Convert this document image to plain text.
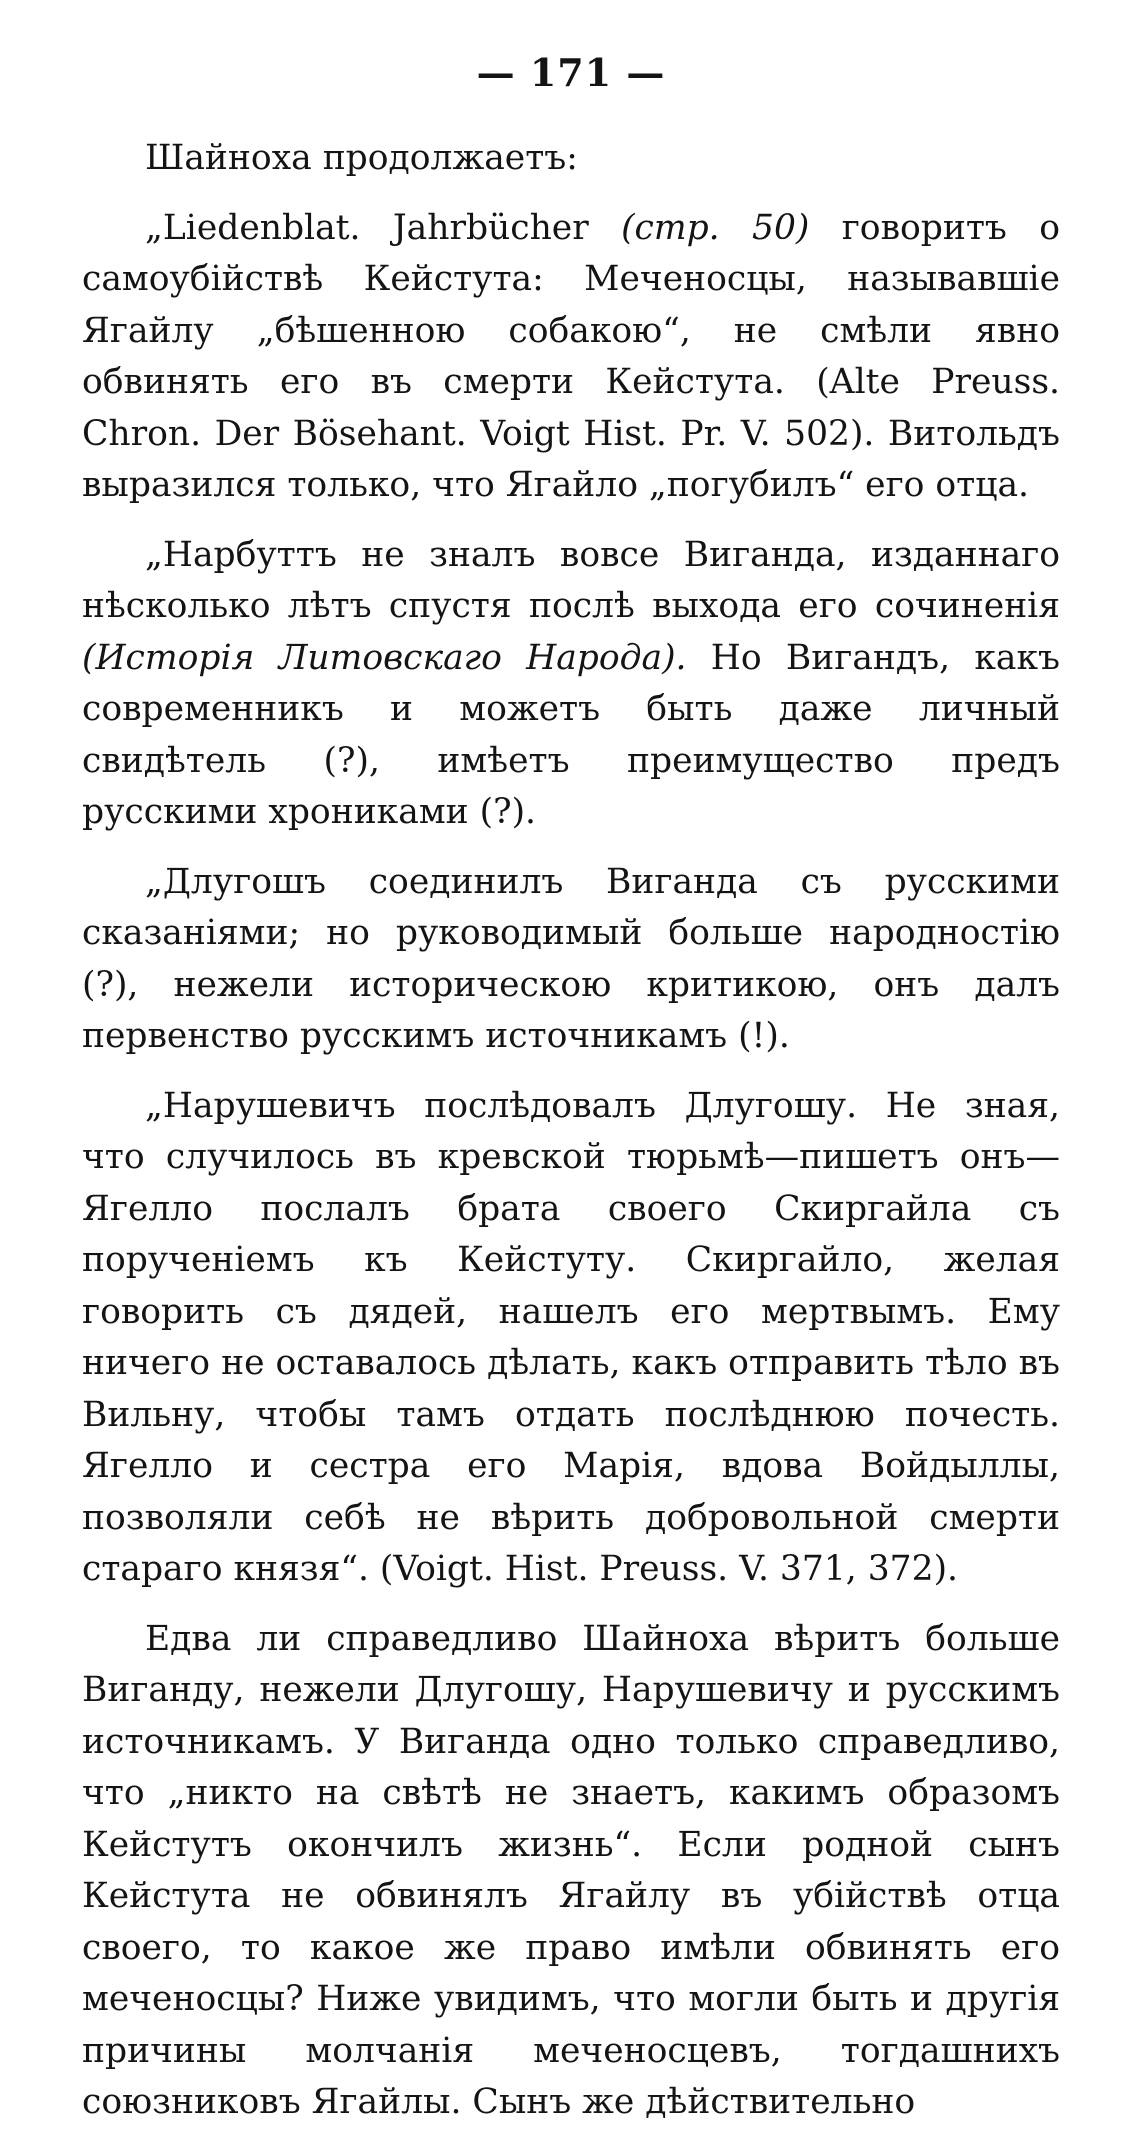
— 171 —

Шайноха продолжаетъ:

„Liedenblat. Jahrbücher (стр. 50) говоритъ о самоубійствѣ Кейстута: Меченосцы, называвшіе Ягайлу „бѣшенною собакою“, не смѣли явно обвинять его въ смерти Кейстута. (Alte Preuss. Chron. Der Bösehant. Voigt Hist. Pr. V. 502). Витольдъ выразился только, что Ягайло „погубилъ“ его отца.

„Нарбуттъ не зналъ вовсе Виганда, изданнаго нѣсколько лѣтъ спустя послѣ выхода его сочиненія (Исторія Литовскаго Народа). Но Вигандъ, какъ современникъ и можетъ быть даже личный свидѣтель (?), имѣетъ преимущество предъ русскими хрониками (?).

„Длугошъ соединилъ Виганда съ русскими сказаніями; но руководимый больше народностію (?), нежели историческою критикою, онъ далъ первенство русскимъ источникамъ (!).

„Нарушевичъ послѣдовалъ Длугошу. Не зная, что случилось въ кревской тюрьмѣ—пишетъ онъ—Ягелло послалъ брата своего Скиргайла съ порученіемъ къ Кейстуту. Скиргайло, желая говорить съ дядей, нашелъ его мертвымъ. Ему ничего не оставалось дѣлать, какъ отправить тѣло въ Вильну, чтобы тамъ отдать послѣднюю почесть. Ягелло и сестра его Марія, вдова Войдыллы, позволяли себѣ не вѣрить добровольной смерти стараго князя“. (Voigt. Hist. Preuss. V. 371, 372).

Едва ли справедливо Шайноха вѣритъ больше Виганду, нежели Длугошу, Нарушевичу и русскимъ источникамъ. У Виганда одно только справедливо, что „никто на свѣтѣ не знаетъ, какимъ образомъ Кейстутъ окончилъ жизнь“. Если родной сынъ Кейстута не обвинялъ Ягайлу въ убійствѣ отца своего, то какое же право имѣли обвинять его меченосцы? Ниже увидимъ, что могли быть и другія причины молчанія меченосцевъ, тогдашнихъ союзниковъ Ягайлы. Сынъ же дѣйствительно
